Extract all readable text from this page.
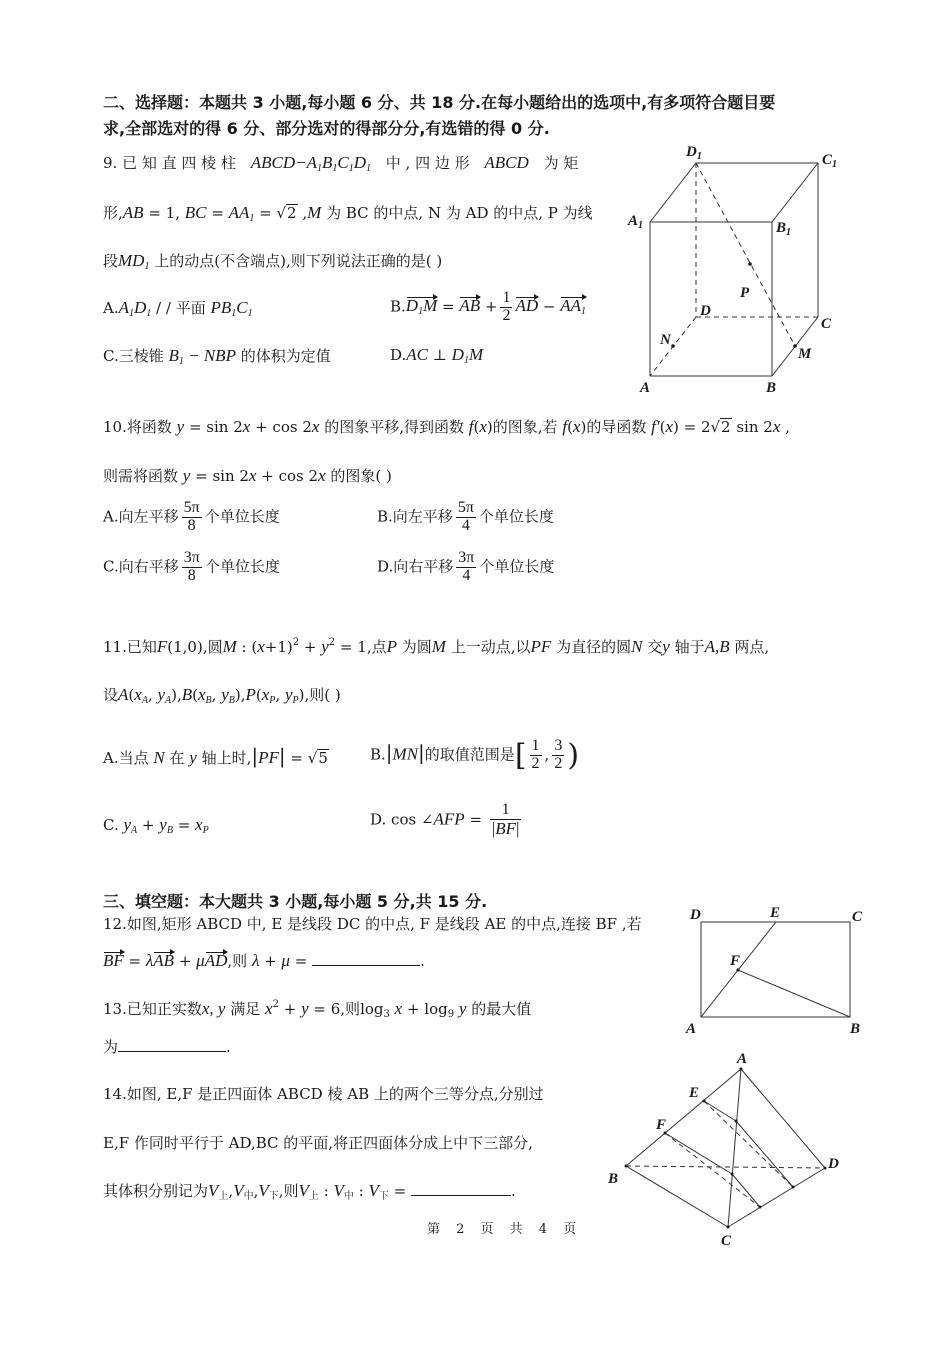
二、选择题：本题共 3 小题,每小题 6 分、共 18 分.在每小题给出的选项中,有多项符合题目要
求,全部选对的得 6 分、部分选对的得部分分,有选错的得 0 分.
9. 已 知 直 四 棱 柱 $ABCD-A_1B_1C_1D_1$ 中 , 四 边 形 ABCD 为 矩
形,AB = 1, BC = $AA_1 = √2$ ,M 为 BC 的中点, N 为 AD 的中点, P 为线
段$MD_1$ 上的动点(不含端点),则下列说法正确的是( )
$A.A_1D_1$ / / 平面 $PB_1C_1$	$B.D_1M$ = AB + $\frac{1}{2}$ AD − $AA_1$
C.三棱锥 $B_1$ − NBP 的体积为定值	D.AC ⊥ $D_1M$
$D_1$	$C_1$
$A_1$	$B_1$
P
D
C
N
M
A	B
10.将函数 y = sin 2x + cos 2x 的图象平移,得到函数 f(x)的图象,若 f(x)的导函数 f′(x) = 2√2 sin 2x ,
则需将函数 y = sin 2x + cos 2x 的图象( )
A.向左平移 $\frac{5\pi}{8}$ 个单位长度	B.向左平移 $\frac{5\pi}{4}$ 个单位长度
C.向右平移 $\frac{3\pi}{8}$ 个单位长度	D.向右平移 $\frac{3\pi}{4}$ 个单位长度
11.已知F(1,0),圆M : $(x+1)^2 + y^2 = 1$,点P 为圆M 上一动点,以PF 为直径的圆N 交y 轴于A,B 两点,
设$A(x_A$, $y_A),B(x_B$, $y_B),P(x_P$, $y_P$),则( )
A.当点 N 在 y 轴上时,|PF| = √5	B.|MN|的取值范围是[ $\frac{1}{2}$ , $\frac{3}{2}$ )
C. $y_A + y_B = x_P$
D. cos ∠AFP = $\frac{1}{|BF|}$
三、填空题：本大题共 3 小题,每小题 5 分,共 15 分.
12.如图,矩形 ABCD 中, E 是线段 DC 的中点, F 是线段 AE 的中点,连接 BF ,若
BF = λAB + μAD,则 λ + μ =	.
D	E	C
F
A	B
13.已知正实数x, y 满足 $x^2 + y = 6$,则$\log_3 x + \log_9 y$ 的最大值
为	.
14.如图, E,F 是正四面体 ABCD 棱 AB 上的两个三等分点,分别过
E,F 作同时平行于 AD,BC 的平面,将正四面体分成上中下三部分,
其体积分别记为$V_上,V_中,V_下$,则$V_上$ : $V_中$ : $V_下$ =	.
A
E
F
B
D
C
第 2 页 共 4 页
